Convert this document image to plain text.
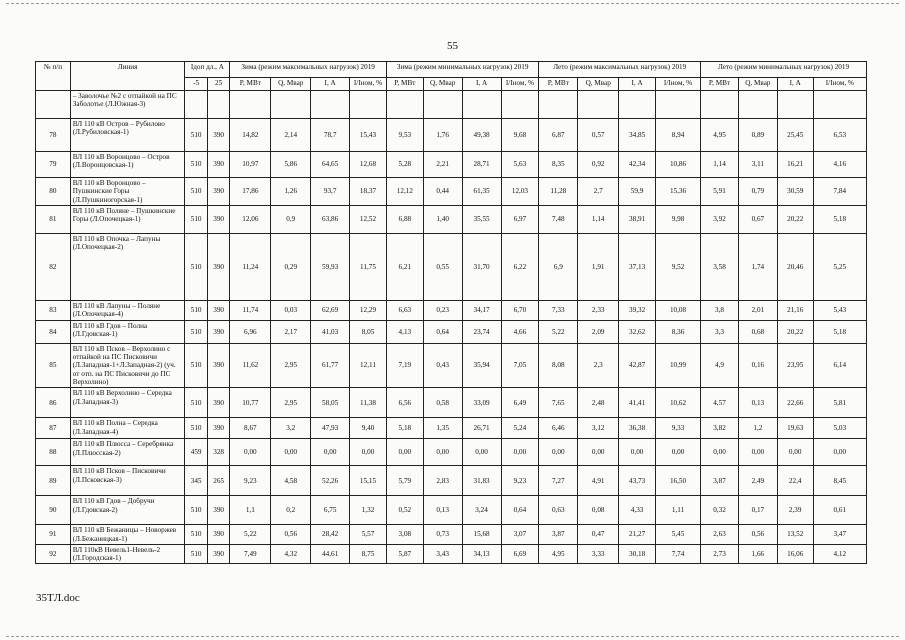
55
№ п/п	Линия	Iдоп дл., А		Зима (режим максимальных нагрузок) 2019				Зима (режим минимальных нагрузок) 2019				Лето (режим максимальных нагрузок) 2019				Лето (режим минимальных нагрузок) 2019			
		-5	25	P, МВт	Q, Мвар	I, А	I/Iном, %	P, МВт	Q, Мвар	I, А	I/Iном, %	P, МВт	Q, Мвар	I, А	I/Iном, %	P, МВт	Q, Мвар	I, А	I/Iном, %
	– Заволочье №2 с отпайкой на ПС Заболотье (Л.Южная-3)																		
78	ВЛ 110 кВ Остров – Рубилово (Л.Рубиловская-1)	510	390	14,82	2,14	78,7	15,43	9,53	1,76	49,38	9,68	6,87	0,57	34,85	8,94	4,95	0,89	25,45	6,53
79	ВЛ 110 кВ Воронцово – Остров (Л.Воронцовская-1)	510	390	10,97	5,86	64,65	12,68	5,28	2,21	28,71	5,63	8,35	0,92	42,34	10,86	1,14	3,11	16,21	4,16
80	ВЛ 110 кВ Воронцово – Пушкинские Горы (Л.Пушкиногорская-1)	510	390	17,86	1,26	93,7	18,37	12,12	0,44	61,35	12,03	11,28	2,7	59,9	15,36	5,91	0,79	30,59	7,84
81	ВЛ 110 кВ Поляне – Пушкинские Горы (Л.Опочецкая-1)	510	390	12,06	0,9	63,86	12,52	6,88	1,40	35,55	6,97	7,48	1,14	38,91	9,98	3,92	0,67	20,22	5,18
82	ВЛ 110 кВ Опочка – Лапуны (Л.Опочецкая-2)	510	390	11,24	0,29	59,93	11,75	6,21	0,55	31,70	6,22	6,9	1,91	37,13	9,52	3,58	1,74	20,46	5,25
83	ВЛ 110 кВ Лапуны – Поляне (Л.Опочецкая-4)	510	390	11,74	0,03	62,69	12,29	6,63	0,23	34,17	6,70	7,33	2,33	39,32	10,08	3,8	2,01	21,16	5,43
84	ВЛ 110 кВ Гдов – Полна (Л.Гдовская-1)	510	390	6,96	2,17	41,03	8,05	4,13	0,64	23,74	4,66	5,22	2,09	32,62	8,36	3,3	0,68	20,22	5,18
85	ВЛ 110 кВ Псков – Верхолино с отпайкой на ПС Писковичи (Л.Западная-1+Л.Западная-2) (уч. от отп. на ПС Писковичи до ПС Верхолино)	510	390	11,62	2,95	61,77	12,11	7,19	0,43	35,94	7,05	8,08	2,3	42,87	10,99	4,9	0,16	23,95	6,14
86	ВЛ 110 кВ Верхолино – Середка (Л.Западная-3)	510	390	10,77	2,95	58,05	11,38	6,56	0,58	33,09	6,49	7,65	2,48	41,41	10,62	4,57	0,13	22,66	5,81
87	ВЛ 110 кВ Полна – Середка (Л.Западная-4)	510	390	8,67	3,2	47,93	9,40	5,18	1,35	26,71	5,24	6,46	3,12	36,38	9,33	3,82	1,2	19,63	5,03
88	ВЛ 110 кВ Плюсса – Серебрянка (Л.Плюсская-2)	459	328	0,00	0,00	0,00	0,00	0,00	0,00	0,00	0,00	0,00	0,00	0,00	0,00	0,00	0,00	0,00	0,00
89	ВЛ 110 кВ Псков – Писковичи (Л.Псковская-3)	345	265	9,23	4,58	52,26	15,15	5,79	2,83	31,83	9,23	7,27	4,91	43,73	16,50	3,87	2,49	22,4	8,45
90	ВЛ 110 кВ Гдов – Добручи (Л.Гдовская-2)	510	390	1,1	0,2	6,75	1,32	0,52	0,13	3,24	0,64	0,63	0,08	4,33	1,11	0,32	0,17	2,39	0,61
91	ВЛ 110 кВ Бежаницы – Новоржев (Л.Бежаницкая-1)	510	390	5,22	0,56	28,42	5,57	3,08	0,73	15,68	3,07	3,87	0,47	21,27	5,45	2,63	0,56	13,52	3,47
92	ВЛ 110кВ Невель1-Невель-2 (Л.Городская-1)	510	390	7,49	4,32	44,61	8,75	5,87	3,43	34,13	6,69	4,95	3,33	30,18	7,74	2,73	1,66	16,06	4,12
35TЛ.doc
